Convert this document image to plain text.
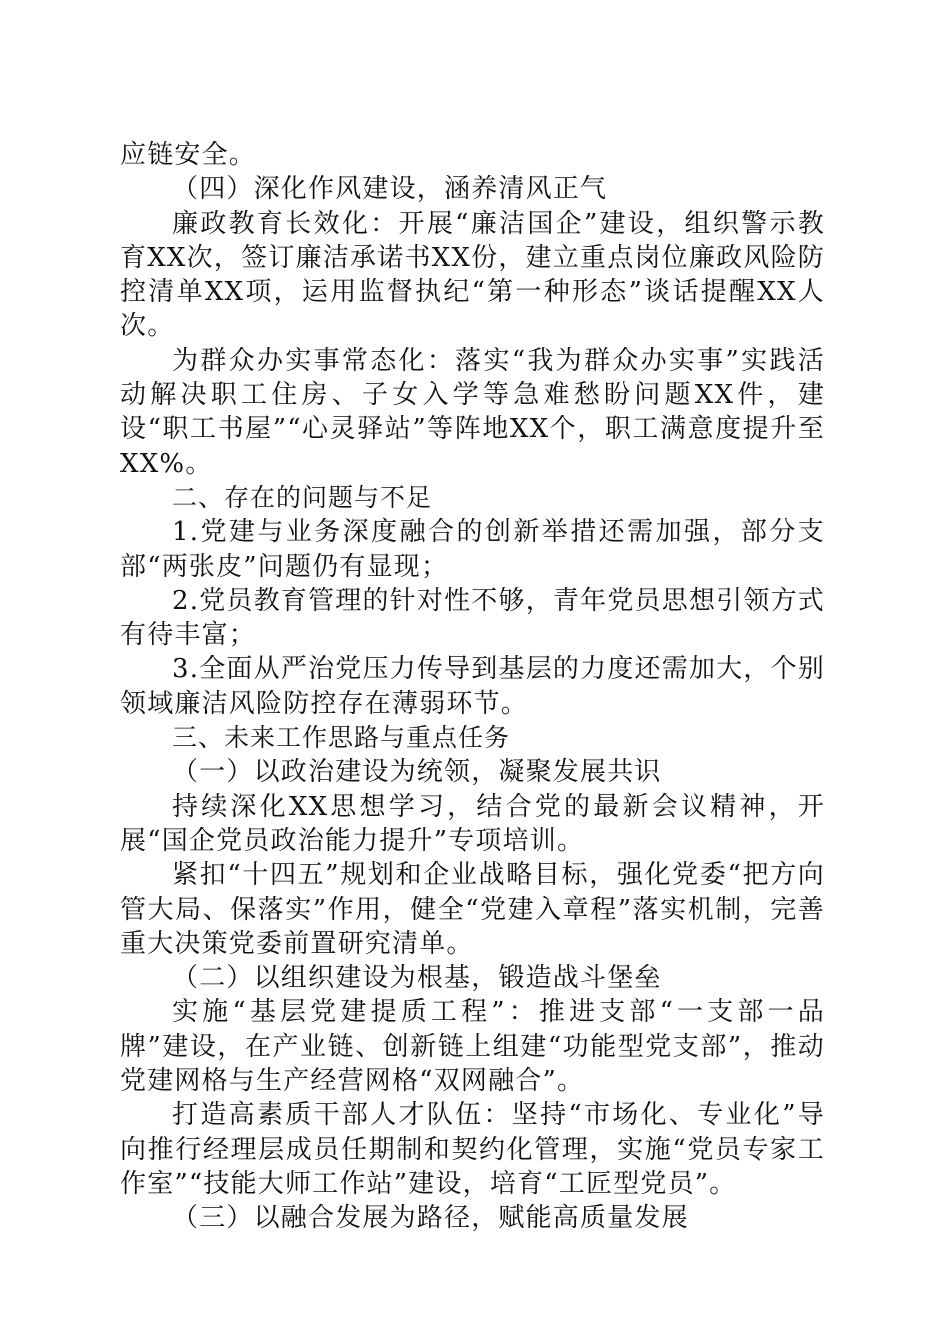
应链安全。

（四）深化作风建设，涵养清风正气

廉政教育长效化：开展“廉洁国企”建设，组织警示教育XX次，签订廉洁承诺书XX份，建立重点岗位廉政风险防控清单XX项，运用监督执纪“第一种形态”谈话提醒XX人次。

为群众办实事常态化：落实“我为群众办实事”实践活动解决职工住房、子女入学等急难愁盼问题XX件，建设“职工书屋”“心灵驿站”等阵地XX个，职工满意度提升至XX%。

二、存在的问题与不足

1.党建与业务深度融合的创新举措还需加强，部分支部“两张皮”问题仍有显现；

2.党员教育管理的针对性不够，青年党员思想引领方式有待丰富；

3.全面从严治党压力传导到基层的力度还需加大，个别领域廉洁风险防控存在薄弱环节。

三、未来工作思路与重点任务

（一）以政治建设为统领，凝聚发展共识

持续深化XX思想学习，结合党的最新会议精神，开展“国企党员政治能力提升”专项培训。

紧扣“十四五”规划和企业战略目标，强化党委“把方向管大局、保落实”作用，健全“党建入章程”落实机制，完善重大决策党委前置研究清单。

（二）以组织建设为根基，锻造战斗堡垒

实施“基层党建提质工程”：推进支部“一支部一品牌”建设，在产业链、创新链上组建“功能型党支部”，推动党建网格与生产经营网格“双网融合”。

打造高素质干部人才队伍：坚持“市场化、专业化”导向推行经理层成员任期制和契约化管理，实施“党员专家工作室”“技能大师工作站”建设，培育“工匠型党员”。

（三）以融合发展为路径，赋能高质量发展
